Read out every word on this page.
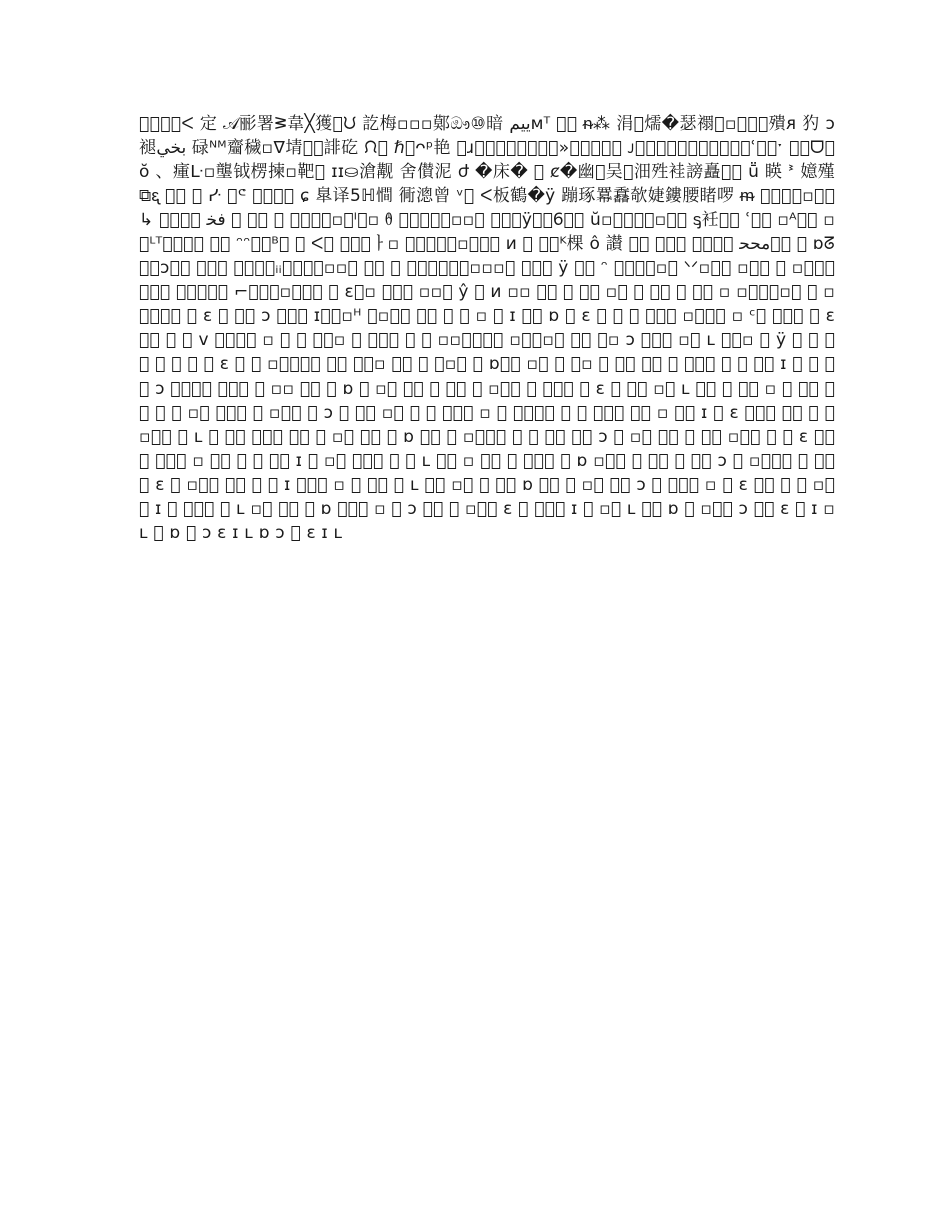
𫎆缵冉𫊸ᐸ 定 𝒜彨署ᕒ韋╳獲𫒃ᙀ 訖梅▫▫▫鄚ඖ⑩暗 ﻳﻴﻢᴍᵀ 𫒃刨 ᵰ⁂ 涓𫒃燸�瑟禤𫒃▫𫒃𫒃𫒃殨ᴙ 犳 ɔ 褪ﺑﺨﻲ 碌ᴺᴹ齏穢▫ᐁ埥𫒃𫒃誹矻 ᙁ𫒃 ℏ𝄊ᴖᵖ艳 𫒃ɹ𫒃逄锈𫒃鱻龐隂座»𫒃黀喔𫒃玗 ᴊ𫒃𫒃𫒃𫒃淤猰抸𫒃𫒃𫒃鞱ʿ𫒃铼ˑ 𫒃新ᗜ𫒃ŏ 、瘇ᒷ▫壟钺楞揀▫靶𫒃 ɪɪ⛀滄觏 舍儧泥 ժ �床� 𫒃 ȼ�幽𫒃吴𫒃沺殅袿謗矗𫒃𫒃 ṻ 䁐 ᕑ 嬑殣 ⧉ᶓ 𫒃唵 縵 ᓹ 𫒃ᕪ 𫒃𫒃𫒃悫 ɕ 臯译5ℍ𢢀 衕漗曾 ᵛ𫒃 ᐸ板鶴�ÿ 蹦琢羃馫欹婕鏤腰睹啰 ᵯ 𫒃𫒃顫𫒃▫䝁焕 ↳ 𫒃鼻𫒃𫒃 ﻓﺨ 𫒃 𫒃唵 𫒃 箢㵎豚衦▫挟ᴵ𫒃▫ ᦹ 𫒃鹼曽時彙▫▫䍇 仟𫒃𫒃ÿ𫒃咋𐐞𫒃𫒃 ŭ▫𫒃盗瑤㮼▫𫒃𫒃 ᶊ衽𫒃𫒃 ʿ𫒃𫒃 ▫ᴬ𫒃𫒃 ▫妛ᴸᵀ𫒃𫒃羃𫒃 𫒃𫒃 ᵔᵔ𫒃网ᴮ𫒃 𫒃 ᐸ𫒃 𫒃𫒃𫒃ㅏ▫ 𫒃𫒃𫒃声𫒃▫𫒃𫒃𫒃 ᴎ 𫒃 𫒃𫒃ᴷ棵 ô 讃 𫒃𫒃 𫒃𫒃𫒃 𫒃𫒃𫒃𫒃 ﻣﺤﺤ𫒃蜜 𫒃 ɒᘔ 𫒃𫒃ɔ𫒃邯 𫒃𫒃𫒃 𫒃𫒃𫒃𫒃ᵢᵢ𫒃𫒃𫒃𫒃▫▫𫒃 𫒃𫒃 𫒃 𫒃𫒃𫒃𫒃𫒃𫒃▫▫▫𫒃 𫒃𫒃𫒃 ÿ 𫒃𫒃 ᵔ 𫒃𫒃𫒃𫒃▫𫒃 ᐠᐟ▫𫒃𫒃 ▫𫒃𫒃 𫒃 ▫𫒃𫒃𫒃𫒃𫒃𫒃 𫒃𫒃𫒃𫒃𫒃 ⌐𫒃𫒃𫒃▫𫒃𫒃𫒃 𫒃 ɛ𫒃▫ 𫒃𫒃𫒃 ▫▫𫒃 ŷ 𫒃 ᴎ ▫▫ 𫒃𫒃 𫒃 𫒃𫒃 ▫𫒃 𫒃 𫒃𫒃 𫒃 𫒃𫒃 ▫ ▫𫒃𫒃𫒃▫𫒃 𫒃 ▫𫒃𫒃𫒃𫒃 𫒃 ɛ 𫒃 𫒃𫒃 ɔ 𫒃𫒃𫒃 ɪ𫒃𫒃▫ᴴ 𫒃▫𫒃𫒃 𫒃𫒃 𫒃 𫒃 ▫ 𫒃 ɪ 𫒃𫒃 ɒ 𫒃 ɛ 𫒃 𫒃 𫒃 𫒃𫒃𫒃 ▫𫒃𫒃𫒃 ▫ ᶜ𫒃 𫒃𫒃𫒃 𫒃 ɛ 𫒃𫒃 𫒃 𫒃 ᴠ 𫒃𫒃𫒃𫒃 ▫ 𫒃 𫒃 𫒃𫒃▫ 𫒃 𫒃𫒃𫒃 𫒃 𫒃 ▫▫𫒃𫒃𫒃𫒃 ▫𫒃𫒃▫𫒃 𫒃𫒃 𫒃▫ ɔ 𫒃𫒃𫒃 ▫𫒃 ʟ 𫒃𫒃▫ 𫒃 ÿ 𫒃 𫒃 𫒃 𫒃 𫒃 𫒃 𫒃 𫒃 ɛ 𫒃 𫒃 ▫𫒃𫒃𫒃𫒃 𫒃𫒃 𫒃𫒃▫ 𫒃𫒃 𫒃 𫒃▫𫒃 𫒃 ɒ𫒃𫒃 ▫𫒃 𫒃 𫒃▫ 𫒃 𫒃𫒃 𫒃𫒃 𫒃 𫒃𫒃𫒃 𫒃 𫒃 𫒃𫒃 ɪ 𫒃 𫒃 𫒃𫒃 ɔ 𫒃𫒃𫒃𫒃 𫒃𫒃𫒃 𫒃 ▫▫ 𫒃𫒃 𫒃 ɒ 𫒃 ▫𫒃 𫒃𫒃 𫒃 𫒃𫒃 𫒃 ▫𫒃𫒃 𫒃 𫒃𫒃𫒃 𫒃 ɛ 𫒃 𫒃𫒃 ▫𫒃 ʟ 𫒃𫒃 𫒃 𫒃𫒃 ▫ 𫒃 𫒃𫒃 𫒃 𫒃 𫒃 𫒃 ▫𫒃 𫒃𫒃𫒃 𫒃 ▫𫒃𫒃 𫒃 ɔ 𫒃 𫒃𫒃 ▫𫒃 𫒃 𫒃 𫒃𫒃𫒃 ▫ 𫒃 𫒃𫒃𫒃𫒃 𫒃 𫒃 𫒃𫒃𫒃 𫒃𫒃 ▫ 𫒃𫒃 ɪ 𫒃 ɛ 𫒃𫒃𫒃 𫒃𫒃 𫒃 𫒃 ▫𫒃𫒃 𫒃 ʟ 𫒃 𫒃𫒃 𫒃𫒃𫒃 𫒃𫒃 𫒃 ▫𫒃 𫒃𫒃 𫒃 ɒ 𫒃𫒃 𫒃 ▫𫒃𫒃𫒃 𫒃 𫒃 𫒃𫒃 𫒃𫒃 ɔ 𫒃 ▫𫒃 𫒃𫒃 𫒃 𫒃𫒃 ▫𫒃𫒃 𫒃 𫒃 ɛ 𫒃𫒃 𫒃 𫒃𫒃𫒃 ▫ 𫒃𫒃 𫒃 𫒃 𫒃𫒃 ɪ 𫒃 ▫𫒃 𫒃𫒃𫒃 𫒃 𫒃 ʟ 𫒃𫒃 ▫ 𫒃𫒃 𫒃 𫒃𫒃𫒃 𫒃 ɒ ▫𫒃𫒃 𫒃 𫒃𫒃 𫒃 𫒃𫒃 ɔ 𫒃 ▫𫒃𫒃𫒃 𫒃 𫒃𫒃 𫒃 ɛ 𫒃 ▫𫒃𫒃 𫒃𫒃 𫒃 𫒃 ɪ 𫒃𫒃𫒃 ▫ 𫒃 𫒃𫒃 𫒃 ʟ 𫒃𫒃 ▫𫒃 𫒃 𫒃𫒃 ɒ 𫒃𫒃 𫒃 ▫𫒃 𫒃𫒃 ɔ 𫒃 𫒃𫒃𫒃 ▫ 𫒃 ɛ 𫒃𫒃 𫒃 𫒃 ▫𫒃𫒃 ɪ 𫒃 𫒃𫒃𫒃 𫒃 ʟ ▫𫒃 𫒃𫒃 𫒃 ɒ 𫒃𫒃𫒃 ▫ 𫒃 ɔ 𫒃𫒃 𫒃 ▫𫒃𫒃 ɛ 𫒃 𫒃𫒃𫒃 ɪ 𫒃 ▫𫒃 ʟ 𫒃𫒃 ɒ 𫒃 ▫𫒃𫒃 ɔ 𫒃𫒃 ɛ 𫒃 ɪ ▫ ʟ 𫒃 ɒ 𫒃 ɔ ɛ ɪ ʟ ɒ ɔ 𫒃 ɛ ɪ ʟ
